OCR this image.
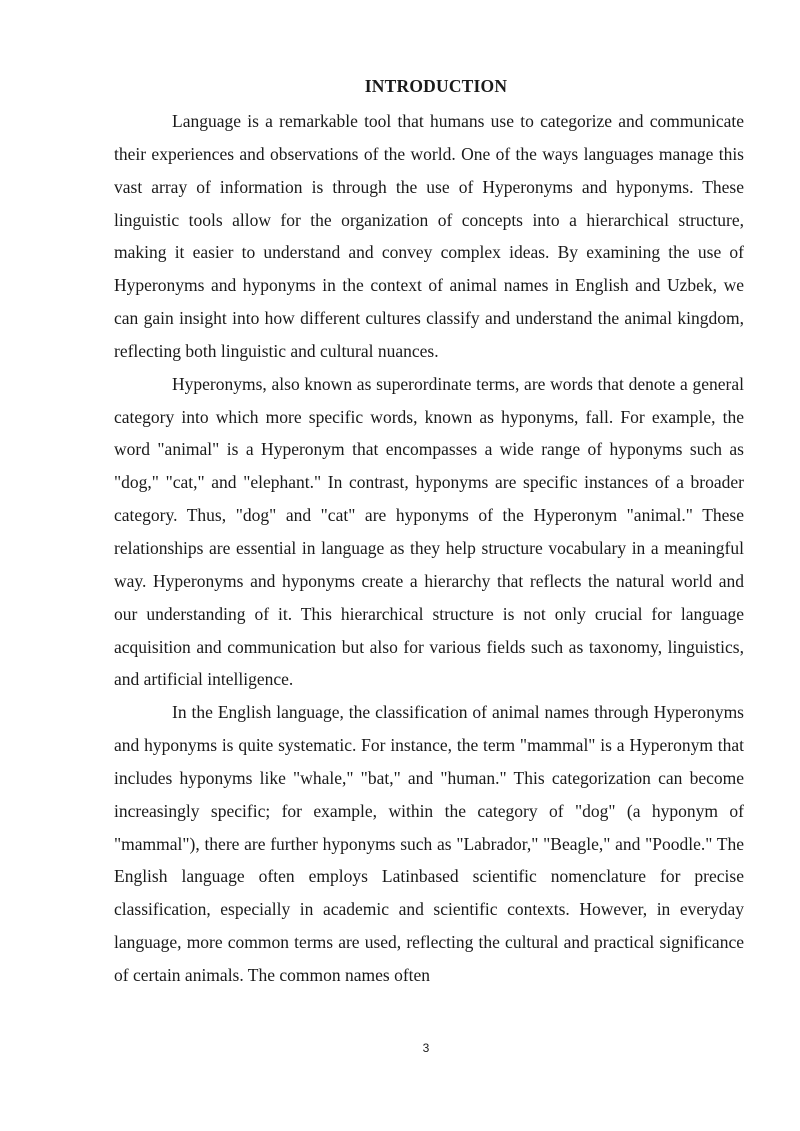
INTRODUCTION

Language is a remarkable tool that humans use to categorize and communicate their experiences and observations of the world. One of the ways languages manage this vast array of information is through the use of Hyperonyms and hyponyms. These linguistic tools allow for the organization of concepts into a hierarchical structure, making it easier to understand and convey complex ideas. By examining the use of Hyperonyms and hyponyms in the context of animal names in English and Uzbek, we can gain insight into how different cultures classify and understand the animal kingdom, reflecting both linguistic and cultural nuances.

Hyperonyms, also known as superordinate terms, are words that denote a general category into which more specific words, known as hyponyms, fall. For example, the word "animal" is a Hyperonym that encompasses a wide range of hyponyms such as "dog," "cat," and "elephant." In contrast, hyponyms are specific instances of a broader category. Thus, "dog" and "cat" are hyponyms of the Hyperonym "animal." These relationships are essential in language as they help structure vocabulary in a meaningful way. Hyperonyms and hyponyms create a hierarchy that reflects the natural world and our understanding of it. This hierarchical structure is not only crucial for language acquisition and communication but also for various fields such as taxonomy, linguistics, and artificial intelligence.

In the English language, the classification of animal names through Hyperonyms and hyponyms is quite systematic. For instance, the term "mammal" is a Hyperonym that includes hyponyms like "whale," "bat," and "human." This categorization can become increasingly specific; for example, within the category of "dog" (a hyponym of "mammal"), there are further hyponyms such as "Labrador," "Beagle," and "Poodle." The English language often employs Latinbased scientific nomenclature for precise classification, especially in academic and scientific contexts. However, in everyday language, more common terms are used, reflecting the cultural and practical significance of certain animals. The common names often

3
